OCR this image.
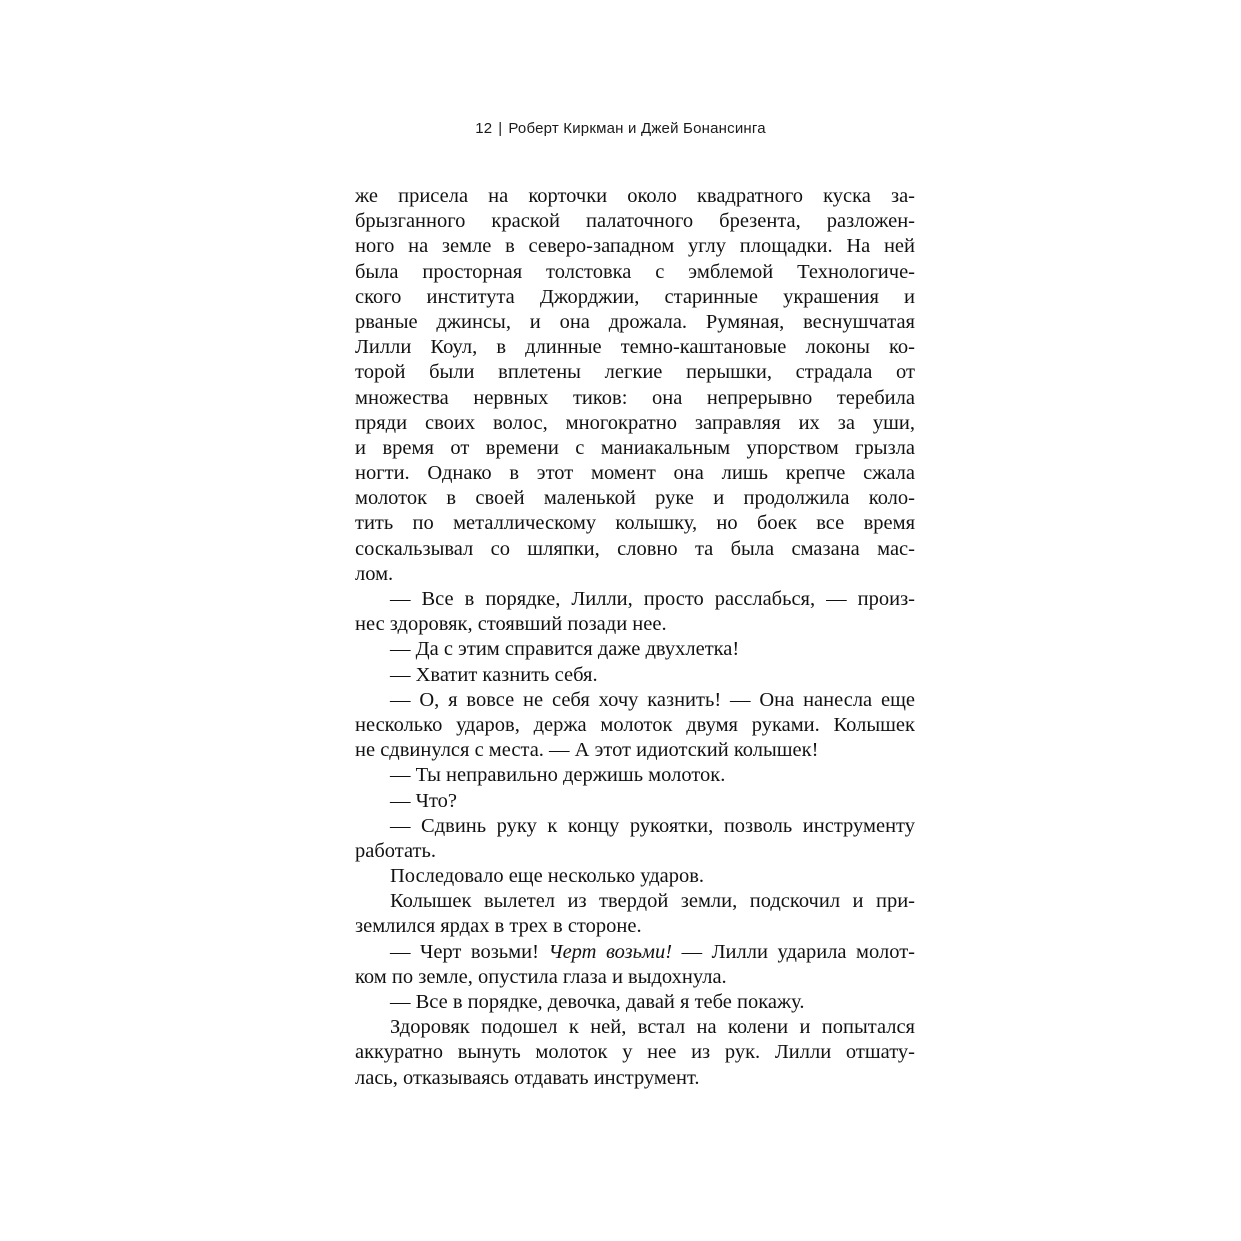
12 | Роберт Киркман и Джей Бонансинга
же присела на корточки около квадратного куска за-
брызганного краской палаточного брезента, разложен-
ного на земле в северо-западном углу площадки. На ней
была просторная толстовка с эмблемой Технологиче-
ского института Джорджии, старинные украшения и
рваные джинсы, и она дрожала. Румяная, веснушчатая
Лилли Коул, в длинные темно-каштановые локоны ко-
торой были вплетены легкие перышки, страдала от
множества нервных тиков: она непрерывно теребила
пряди своих волос, многократно заправляя их за уши,
и время от времени с маниакальным упорством грызла
ногти. Однако в этот момент она лишь крепче сжала
молоток в своей маленькой руке и продолжила коло-
тить по металлическому колышку, но боек все время
соскальзывал со шляпки, словно та была смазана мас-
лом.
— Все в порядке, Лилли, просто расслабься, — произ-
нес здоровяк, стоявший позади нее.
— Да с этим справится даже двухлетка!
— Хватит казнить себя.
— О, я вовсе не себя хочу казнить! — Она нанесла еще
несколько ударов, держа молоток двумя руками. Колышек
не сдвинулся с места. — А этот идиотский колышек!
— Ты неправильно держишь молоток.
— Что?
— Сдвинь руку к концу рукоятки, позволь инструменту
работать.
Последовало еще несколько ударов.
Колышек вылетел из твердой земли, подскочил и при-
землился ярдах в трех в стороне.
— Черт возьми! Черт возьми! — Лилли ударила молот-
ком по земле, опустила глаза и выдохнула.
— Все в порядке, девочка, давай я тебе покажу.
Здоровяк подошел к ней, встал на колени и попытался
аккуратно вынуть молоток у нее из рук. Лилли отшату-
лась, отказываясь отдавать инструмент.
